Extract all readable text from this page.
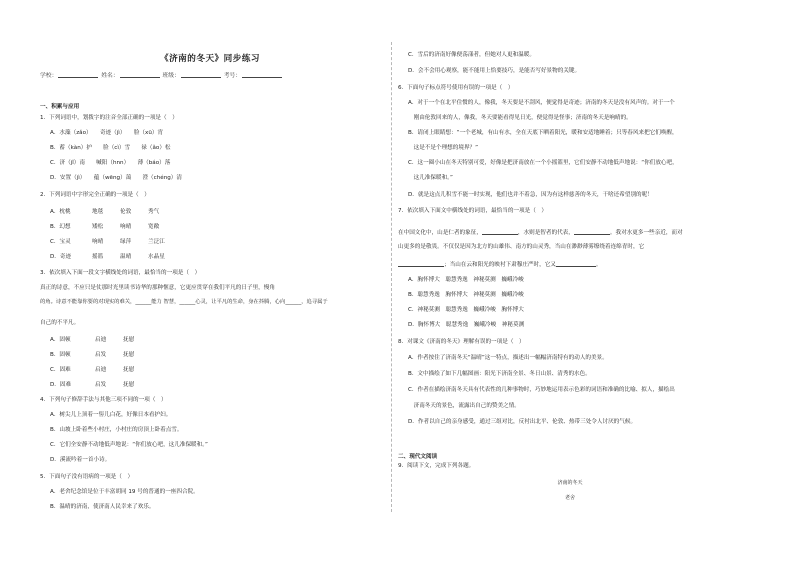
《济南的冬天》同步练习
学校：	姓名：	班级：	考号：
一、积累与应用
1．下列词语中，划拨字的注音全部正确的一项是（　）
A．水藻（zǎo）　　奇迹（jì）　　脸（xū）宵
B．蓄（kàn）护　　脸（cì）雪　　禄（ǎo）松
C．济（jǐ）南　　喊阳（hnn）　　薄（báo）落
D．安置（jì）　　蕴（wēng）蔼　　澄（chéng）清
2．下列词语中字形完全正确的一项是（　）
A．枕桃	地毯	伦敦	秀气
B．幻想	矮松	响晴	宽敞
C．宝灵	响晴	绿萍	兰泛江
D．奇迹	摇篮	温晴	水晶星
3．依次填入下面一段文字横线处的词语，最恰当的一项是（　）
真正的诗意，不应只是仗那时光里读书诗华的那种惬意，它更应贯穿在我们平凡的日子里，慢角
的角。诗意不能靠你要的对现实的难关，______能力 智慧，______心灵，让平凡的生命，身在抖腾，心向______，追寻属于
自己的不平凡。
A．固顿	启迪	抚慰
B．固顿	启发	抚慰
C．固难	启迪	抚慰
D．固难	启发	抚慰
4．下列句子修辞手法与其他三项不同的一项（　）
A．树尖儿上顶着一髻儿白花，好像日本看护妇。
B．山坡上卧着些小村庄，小村庄的房顶上卧着点雪。
C．它们全安静不动地低声地说：“你们放心吧，这儿准保暖和。”
D．溪流吟着一首小诗。
5．下面句子没有语病的一项是（　）
A．老舍纪念馆是位于丰富胡同 19 号的普通的一座四合院。
B．温晴的济南，使济南人民幸来了欢乐。
C．雪后的济南好像便荡漾者，但她对人更和温暖。
D．会不会用心观察，能不能用上恰要技巧，是能否写好景物的关键。
6．下面句子标点符号使用有误的一项是（　）
A．对于一个在北平住惯的人，像我，冬天要是不刮风，便觉得是奇迹；济南的冬天是没有风声的。对于一个
　刚由伦敦回来的人，像我，冬天要能看得见日光，便觉得是怪事；济南的冬天是响晴的。
B．请闭上眼睛想：“一个老城，有山有水，全在天底下晒着阳光，暖和安适地睡着；只等春风来把它们唤醒，
　这是不是个理想的境界？”
C．这一圈小山在冬天特别可爱，好像是把济南放在一个小摇篮里，它们安静不动地低声地说：“你们放心吧，
　这儿准保暖和。”
D．就是这点儿积雪不能一时实现，他们也并不着急，因为有这样慈善的冬天，干啥还希望别的呢！
7．依次填入下面文中横线处的词语，最恰当的一项是（　）
在中国文化中，山是仁者的象征，	，水则是智者的代表，	。我对水更多一些亲近，而对
山更多的是敬畏。不仅仅是因为北方的山雄伟、南方的山灵秀，当山在渺渺薄雾缭绕着连绵青时，它
；当山在云和阳光的映衬下肃穆庄严时，它又	。
A．胸怀博大　聪慧秀逸　神秘莫测　巍峨冷峻
B．聪慧秀逸　胸怀博大　神秘莫测　巍峨冷峻
C．神秘莫测　聪慧秀逸　巍峨冷峻　胸怀博大
D．胸怀博大　聪慧秀逸　巍峨冷峻　神秘莫测
8．对课文《济南的冬天》理解有误的一项是（　）
A．作者按住了济南冬天“温晴”这一特点，描述出一幅幅济南特有的动人的美景。
B．文中描绘了如下几幅图画：阳光下济南全景、冬日山景、清秀的水色。
C．作者在描绘济南冬天具有代表性的几种事物时，巧妙地运用表示色彩的词语和准确的比喻、拟人，描绘出
　济南冬天的景色，流露出自己的赞美之情。
D．作者以自己的亲身感受，通过三组对比，反衬出北平、伦敦、热带三处令人讨厌的气候。
二、现代文阅读
9．阅读下文，完成下列各题。
济南的冬天
老舍
